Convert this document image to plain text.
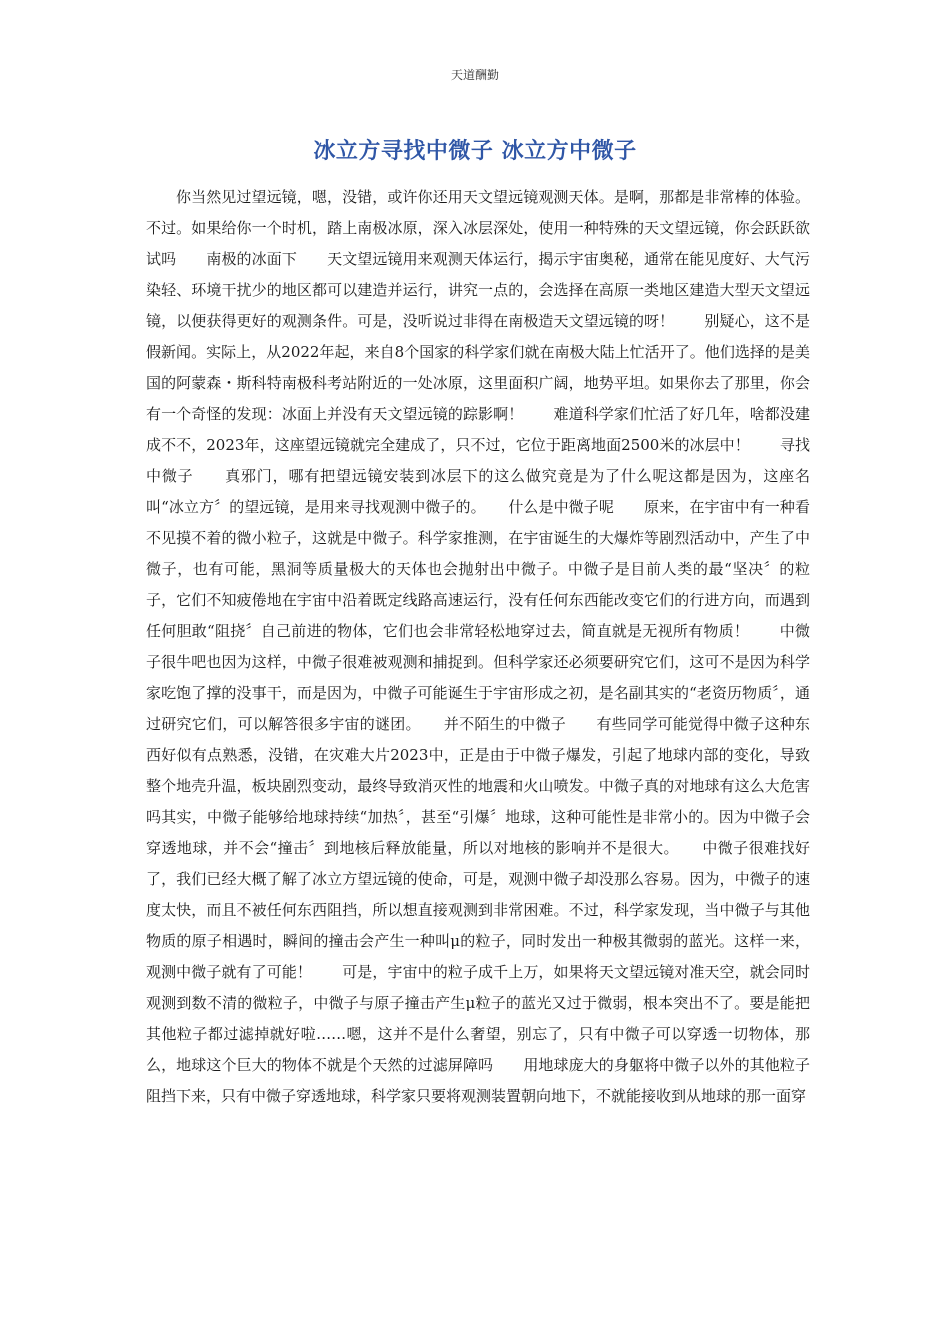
天道酬勤
冰立方寻找中微子 冰立方中微子

你当然见过望远镜，嗯，没错，或许你还用天文望远镜观测天体。是啊，那都是非常棒的体验。不过。如果给你一个时机，踏上南极冰原，深入冰层深处，使用一种特殊的天文望远镜，你会跃跃欲试吗　　南极的冰面下　　天文望远镜用来观测天体运行，揭示宇宙奥秘，通常在能见度好、大气污染轻、环境干扰少的地区都可以建造并运行，讲究一点的，会选择在高原一类地区建造大型天文望远镜，以便获得更好的观测条件。可是，没听说过非得在南极造天文望远镜的呀！　　别疑心，这不是假新闻。实际上，从2022年起，来自8个国家的科学家们就在南极大陆上忙活开了。他们选择的是美国的阿蒙森・斯科特南极科考站附近的一处冰原，这里面积广阔，地势平坦。如果你去了那里，你会有一个奇怪的发现：冰面上并没有天文望远镜的踪影啊！　　难道科学家们忙活了好几年，啥都没建成不不，2023年，这座望远镜就完全建成了，只不过，它位于距离地面2500米的冰层中！　　寻找中微子　　真邪门，哪有把望远镜安装到冰层下的这么做究竟是为了什么呢这都是因为，这座名叫“冰立方〞的望远镜，是用来寻找观测中微子的。　　什么是中微子呢　　原来，在宇宙中有一种看不见摸不着的微小粒子，这就是中微子。科学家推测，在宇宙诞生的大爆炸等剧烈活动中，产生了中微子，也有可能，黑洞等质量极大的天体也会抛射出中微子。中微子是目前人类的最“坚决〞的粒子，它们不知疲倦地在宇宙中沿着既定线路高速运行，没有任何东西能改变它们的行进方向，而遇到任何胆敢“阻挠〞自己前进的物体，它们也会非常轻松地穿过去，简直就是无视所有物质！　　中微子很牛吧也因为这样，中微子很难被观测和捕捉到。但科学家还必须要研究它们，这可不是因为科学家吃饱了撑的没事干，而是因为，中微子可能诞生于宇宙形成之初，是名副其实的“老资历物质〞，通过研究它们，可以解答很多宇宙的谜团。　　并不陌生的中微子　　有些同学可能觉得中微子这种东西好似有点熟悉，没错，在灾难大片2023中，正是由于中微子爆发，引起了地球内部的变化，导致整个地壳升温，板块剧烈变动，最终导致消灭性的地震和火山喷发。中微子真的对地球有这么大危害吗其实，中微子能够给地球持续“加热〞，甚至“引爆〞地球，这种可能性是非常小的。因为中微子会穿透地球，并不会“撞击〞到地核后释放能量，所以对地核的影响并不是很大。　　中微子很难找好了，我们已经大概了解了冰立方望远镜的使命，可是，观测中微子却没那么容易。因为，中微子的速度太快，而且不被任何东西阻挡，所以想直接观测到非常困难。不过，科学家发现，当中微子与其他物质的原子相遇时，瞬间的撞击会产生一种叫μ的粒子，同时发出一种极其微弱的蓝光。这样一来，观测中微子就有了可能！　　可是，宇宙中的粒子成千上万，如果将天文望远镜对准天空，就会同时观测到数不清的微粒子，中微子与原子撞击产生μ粒子的蓝光又过于微弱，根本突出不了。要是能把其他粒子都过滤掉就好啦……嗯，这并不是什么奢望，别忘了，只有中微子可以穿透一切物体，那么，地球这个巨大的物体不就是个天然的过滤屏障吗　　用地球庞大的身躯将中微子以外的其他粒子阻挡下来，只有中微子穿透地球，科学家只要将观测装置朝向地下，不就能接收到从地球的那一面穿
